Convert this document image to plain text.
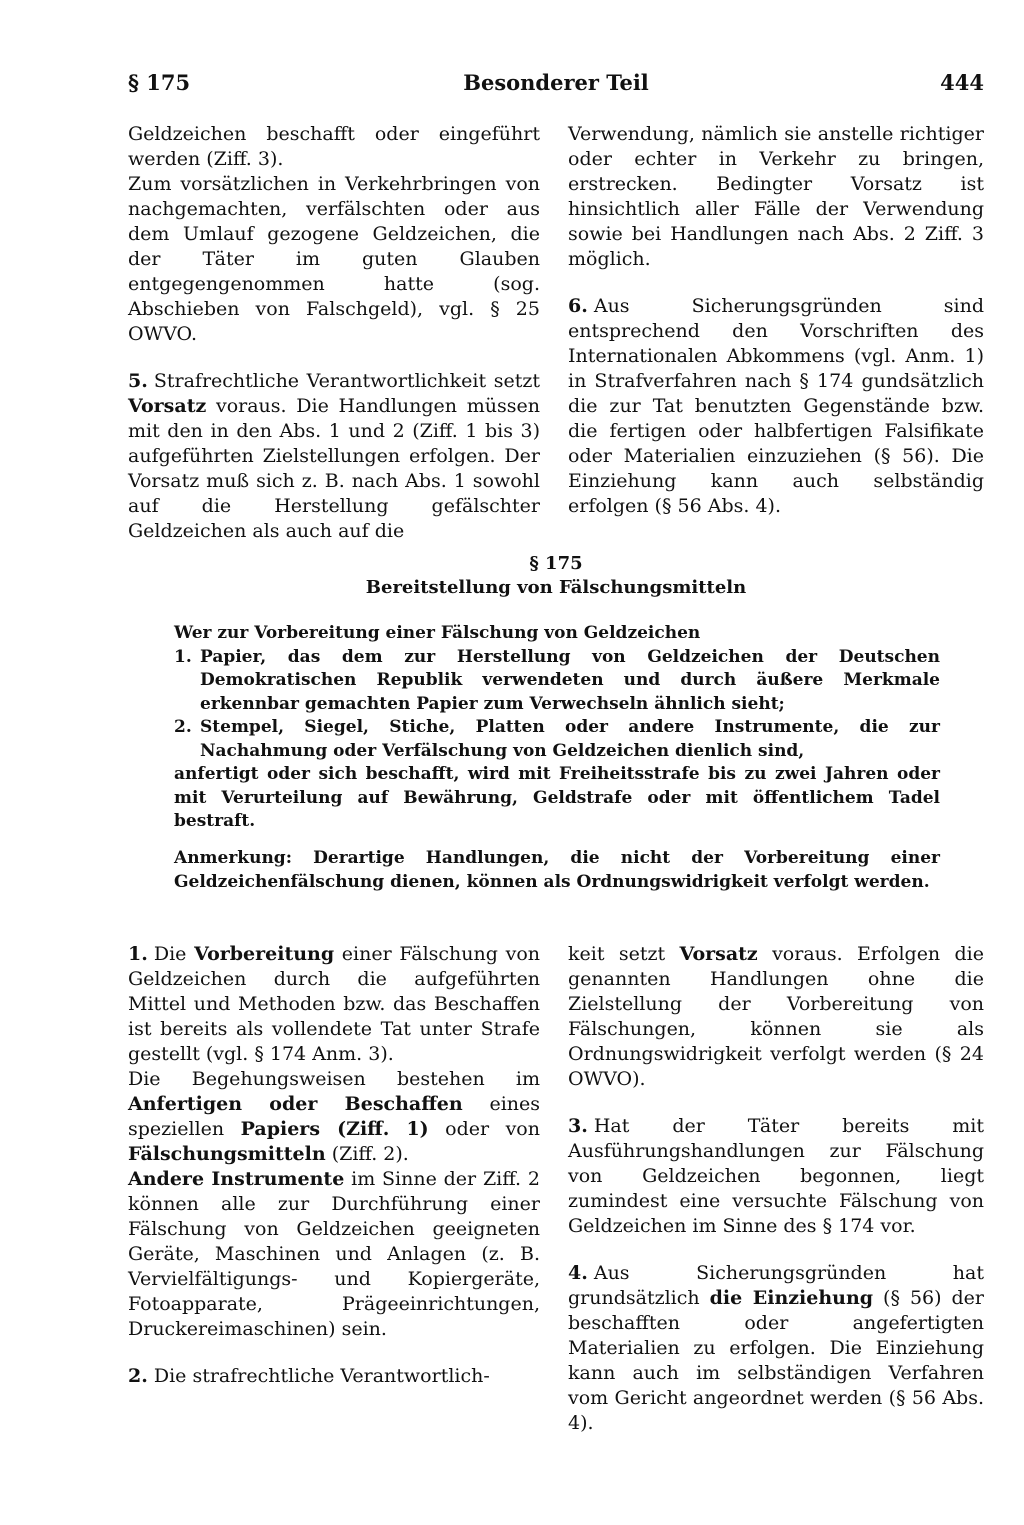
§ 175	Besonderer Teil	444

Geldzeichen beschafft oder eingeführt werden (Ziff. 3).

Zum vorsätzlichen in Verkehrbringen von nachgemachten, verfälschten oder aus dem Umlauf gezogene Geldzeichen, die der Täter im guten Glauben entgegengenommen hatte (sog. Abschieben von Falschgeld), vgl. § 25 OWVO.

5. Strafrechtliche Verantwortlichkeit setzt Vorsatz voraus. Die Handlungen müssen mit den in den Abs. 1 und 2 (Ziff. 1 bis 3) aufgeführten Zielstellungen erfolgen. Der Vorsatz muß sich z. B. nach Abs. 1 sowohl auf die Herstellung gefälschter Geldzeichen als auch auf die

Verwendung, nämlich sie anstelle richtiger oder echter in Verkehr zu bringen, erstrecken. Bedingter Vorsatz ist hinsichtlich aller Fälle der Verwendung sowie bei Handlungen nach Abs. 2 Ziff. 3 möglich.

6. Aus Sicherungsgründen sind entsprechend den Vorschriften des Internationalen Abkommens (vgl. Anm. 1) in Strafverfahren nach § 174 gundsätzlich die zur Tat benutzten Gegenstände bzw. die fertigen oder halbfertigen Falsifikate oder Materialien einzuziehen (§ 56). Die Einziehung kann auch selbständig erfolgen (§ 56 Abs. 4).

§ 175
Bereitstellung von Fälschungsmitteln

Wer zur Vorbereitung einer Fälschung von Geldzeichen

1. Papier, das dem zur Herstellung von Geldzeichen der Deutschen Demokratischen Republik verwendeten und durch äußere Merkmale erkennbar gemachten Papier zum Verwechseln ähnlich sieht;

2. Stempel, Siegel, Stiche, Platten oder andere Instrumente, die zur Nachahmung oder Verfälschung von Geldzeichen dienlich sind,

anfertigt oder sich beschafft, wird mit Freiheitsstrafe bis zu zwei Jahren oder mit Verurteilung auf Bewährung, Geldstrafe oder mit öffentlichem Tadel bestraft.

Anmerkung: Derartige Handlungen, die nicht der Vorbereitung einer Geldzeichenfälschung dienen, können als Ordnungswidrigkeit verfolgt werden.

1. Die Vorbereitung einer Fälschung von Geldzeichen durch die aufgeführten Mittel und Methoden bzw. das Beschaffen ist bereits als vollendete Tat unter Strafe gestellt (vgl. § 174 Anm. 3).

Die Begehungsweisen bestehen im Anfertigen oder Beschaffen eines speziellen Papiers (Ziff. 1) oder von Fälschungsmitteln (Ziff. 2).

Andere Instrumente im Sinne der Ziff. 2 können alle zur Durchführung einer Fälschung von Geldzeichen geeigneten Geräte, Maschinen und Anlagen (z. B. Vervielfältigungs- und Kopiergeräte, Fotoapparate, Prägeeinrichtungen, Druckereimaschinen) sein.

2. Die strafrechtliche Verantwortlich-

keit setzt Vorsatz voraus. Erfolgen die genannten Handlungen ohne die Zielstellung der Vorbereitung von Fälschungen, können sie als Ordnungswidrigkeit verfolgt werden (§ 24 OWVO).

3. Hat der Täter bereits mit Ausführungshandlungen zur Fälschung von Geldzeichen begonnen, liegt zumindest eine versuchte Fälschung von Geldzeichen im Sinne des § 174 vor.

4. Aus Sicherungsgründen hat grundsätzlich die Einziehung (§ 56) der beschafften oder angefertigten Materialien zu erfolgen. Die Einziehung kann auch im selbständigen Verfahren vom Gericht angeordnet werden (§ 56 Abs. 4).
